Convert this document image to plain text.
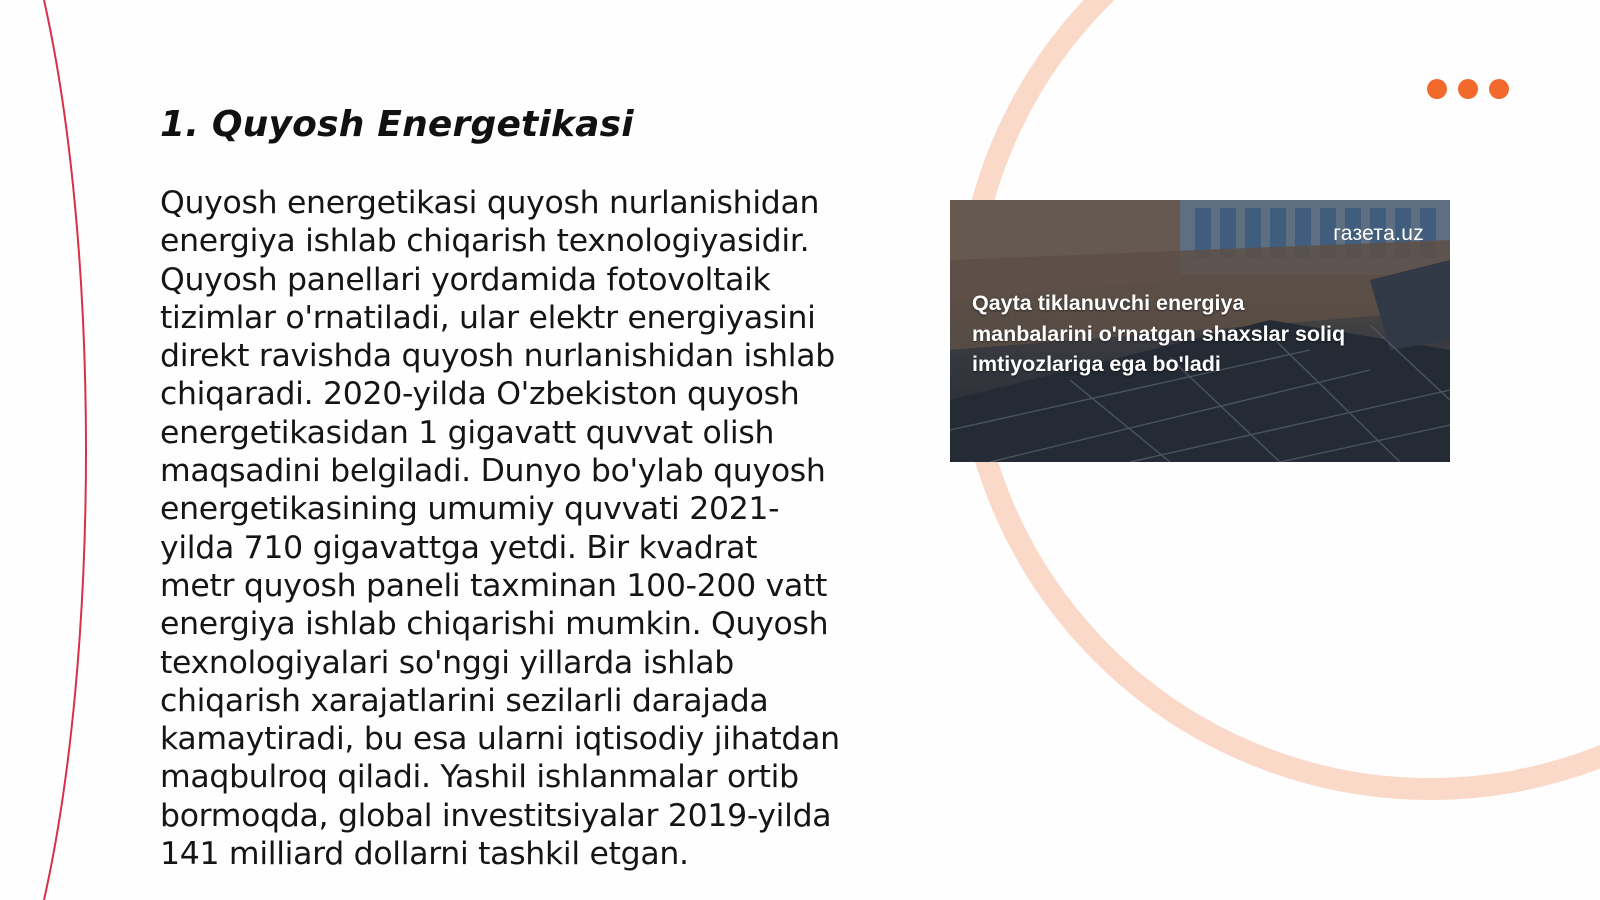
1. Quyosh Energetikasi

Quyosh energetikasi quyosh nurlanishidan energiya ishlab chiqarish texnologiyasidir. Quyosh panellari yordamida fotovoltaik tizimlar o'rnatiladi, ular elektr energiyasini direkt ravishda quyosh nurlanishidan ishlab chiqaradi. 2020-yilda O'zbekiston quyosh energetikasidan 1 gigavatt quvvat olish maqsadini belgiladi. Dunyo bo'ylab quyosh energetikasining umumiy quvvati 2021-yilda 710 gigavattga yetdi. Bir kvadrat metr quyosh paneli taxminan 100-200 vatt energiya ishlab chiqarishi mumkin. Quyosh texnologiyalari so'nggi yillarda ishlab chiqarish xarajatlarini sezilarli darajada kamaytiradi, bu esa ularni iqtisodiy jihatdan maqbulroq qiladi. Yashil ishlanmalar ortib bormoqda, global investitsiyalar 2019-yilda 141 milliard dollarni tashkil etgan.

газета.uz
Qayta tiklanuvchi energiya manbalarini o'rnatgan shaxslar soliq imtiyozlariga ega bo'ladi
